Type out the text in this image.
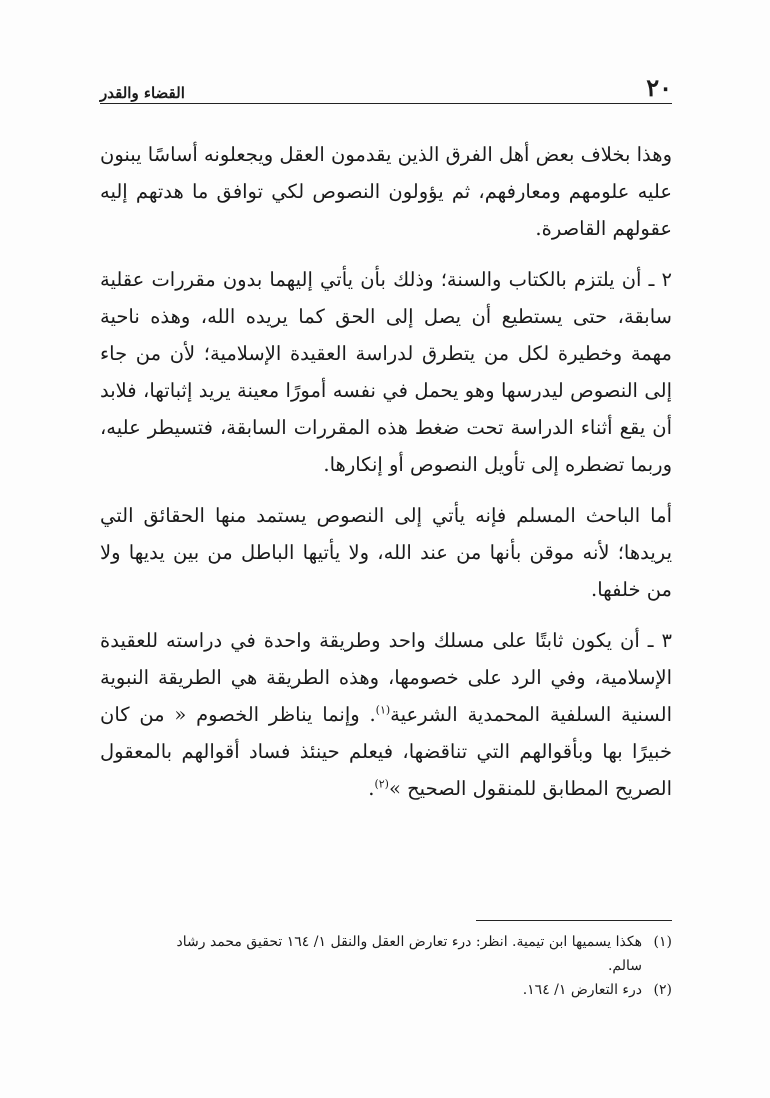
٢٠
القضاء والقدر

وهذا بخلاف بعض أهل الفرق الذين يقدمون العقل ويجعلونه أساسًا يبنون عليه علومهم ومعارفهم، ثم يؤولون النصوص لكي توافق ما هدتهم إليه عقولهم القاصرة.

٢ ـ أن يلتزم بالكتاب والسنة؛ وذلك بأن يأتي إليهما بدون مقررات عقلية سابقة، حتى يستطيع أن يصل إلى الحق كما يريده الله، وهذه ناحية مهمة وخطيرة لكل من يتطرق لدراسة العقيدة الإسلامية؛ لأن من جاء إلى النصوص ليدرسها وهو يحمل في نفسه أمورًا معينة يريد إثباتها، فلابد أن يقع أثناء الدراسة تحت ضغط هذه المقررات السابقة، فتسيطر عليه، وربما تضطره إلى تأويل النصوص أو إنكارها.

أما الباحث المسلم فإنه يأتي إلى النصوص يستمد منها الحقائق التي يريدها؛ لأنه موقن بأنها من عند الله، ولا يأتيها الباطل من بين يديها ولا من خلفها.

٣ ـ أن يكون ثابتًا على مسلك واحد وطريقة واحدة في دراسته للعقيدة الإسلامية، وفي الرد على خصومها، وهذه الطريقة هي الطريقة النبوية السنية السلفية المحمدية الشرعية$^{(١)}$. وإنما يناظر الخصوم « من كان خبيرًا بها وبأقوالهم التي تناقضها، فيعلم حينئذ فساد أقوالهم بالمعقول الصريح المطابق للمنقول الصحيح »$^{(٢)}$.

(١)هكذا يسميها ابن تيمية. انظر: درء تعارض العقل والنقل ١/ ١٦٤ تحقيق محمد رشاد

سالم.

(٢)درء التعارض ١/ ١٦٤.
